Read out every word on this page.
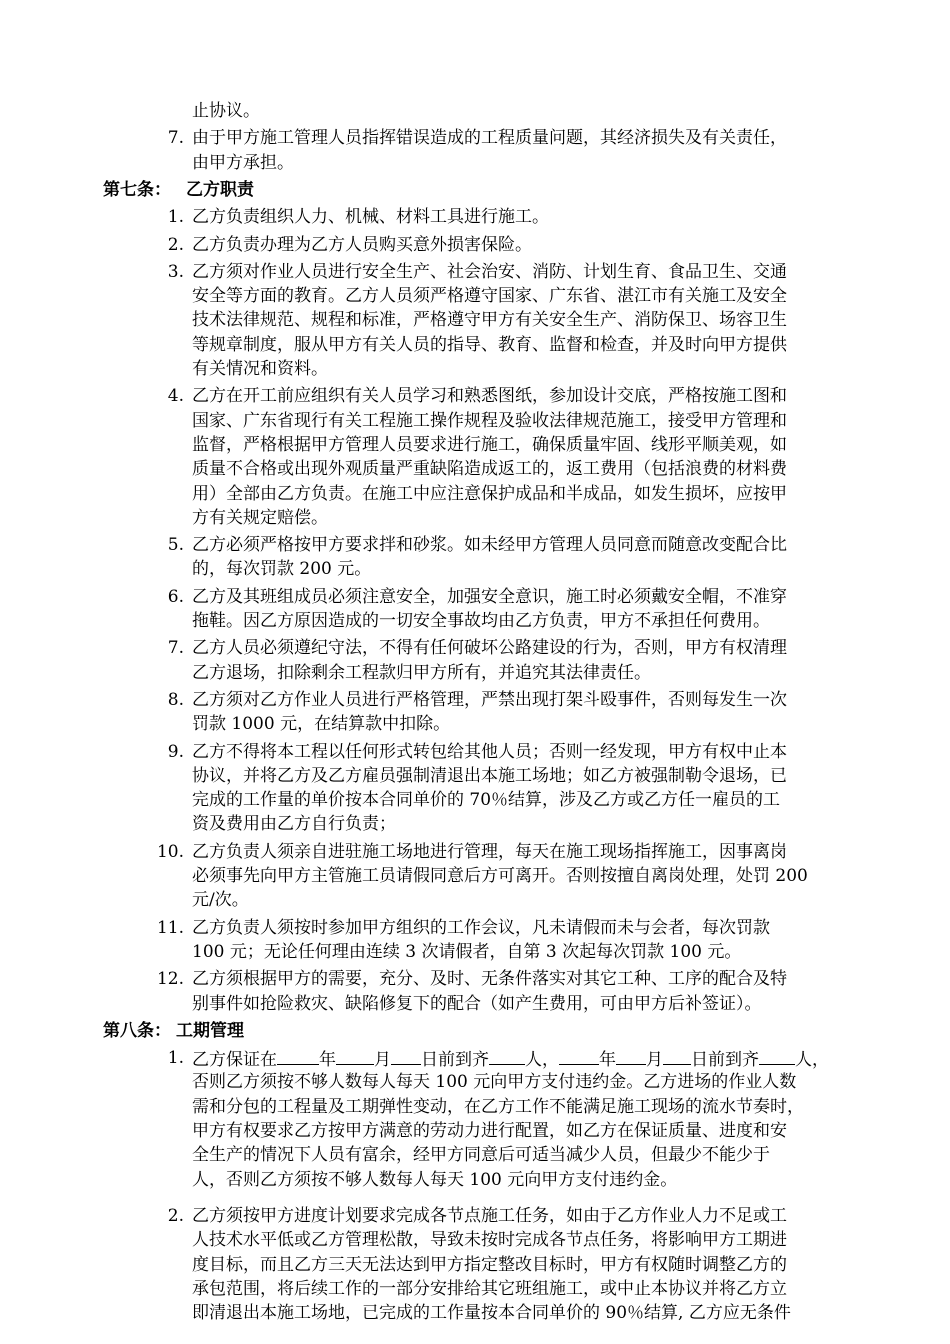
止协议。
7. 由于甲方施工管理人员指挥错误造成的工程质量问题，其经济损失及有关责任，
由甲方承担。
第七条： 乙方职责
1. 乙方负责组织人力、机械、材料工具进行施工。
2. 乙方负责办理为乙方人员购买意外损害保险。
3. 乙方须对作业人员进行安全生产、社会治安、消防、计划生育、食品卫生、交通
安全等方面的教育。乙方人员须严格遵守国家、广东省、湛江市有关施工及安全
技术法律规范、规程和标准，严格遵守甲方有关安全生产、消防保卫、场容卫生
等规章制度，服从甲方有关人员的指导、教育、监督和检查，并及时向甲方提供
有关情况和资料。
4. 乙方在开工前应组织有关人员学习和熟悉图纸，参加设计交底，严格按施工图和
国家、广东省现行有关工程施工操作规程及验收法律规范施工，接受甲方管理和
监督，严格根据甲方管理人员要求进行施工，确保质量牢固、线形平顺美观，如
质量不合格或出现外观质量严重缺陷造成返工的，返工费用（包括浪费的材料费
用）全部由乙方负责。在施工中应注意保护成品和半成品，如发生损坏，应按甲
方有关规定赔偿。
5. 乙方必须严格按甲方要求拌和砂浆。如未经甲方管理人员同意而随意改变配合比
的，每次罚款 200 元。
6. 乙方及其班组成员必须注意安全，加强安全意识，施工时必须戴安全帽，不准穿
拖鞋。因乙方原因造成的一切安全事故均由乙方负责，甲方不承担任何费用。
7. 乙方人员必须遵纪守法，不得有任何破坏公路建设的行为，否则，甲方有权清理
乙方退场，扣除剩余工程款归甲方所有，并追究其法律责任。
8. 乙方须对乙方作业人员进行严格管理，严禁出现打架斗殴事件，否则每发生一次
罚款 1000 元，在结算款中扣除。
9. 乙方不得将本工程以任何形式转包给其他人员；否则一经发现，甲方有权中止本
协议，并将乙方及乙方雇员强制清退出本施工场地；如乙方被强制勒令退场，已
完成的工作量的单价按本合同单价的 70％结算，涉及乙方或乙方任一雇员的工
资及费用由乙方自行负责；
10. 乙方负责人须亲自进驻施工场地进行管理，每天在施工现场指挥施工，因事离岗
必须事先向甲方主管施工员请假同意后方可离开。否则按擅自离岗处理，处罚 200
元/次。
11. 乙方负责人须按时参加甲方组织的工作会议，凡未请假而未与会者，每次罚款
100 元；无论任何理由连续 3 次请假者，自第 3 次起每次罚款 100 元。
12. 乙方须根据甲方的需要，充分、及时、无条件落实对其它工种、工序的配合及特
别事件如抢险救灾、缺陷修复下的配合（如产生费用，可由甲方后补签证）。
第八条： 工期管理
1. 乙方保证在 年 月 日前到齐 人， 年 月 日前到齐 人，
否则乙方须按不够人数每人每天 100 元向甲方支付违约金。乙方进场的作业人数
需和分包的工程量及工期弹性变动，在乙方工作不能满足施工现场的流水节奏时，
甲方有权要求乙方按甲方满意的劳动力进行配置，如乙方在保证质量、进度和安
全生产的情况下人员有富余，经甲方同意后可适当减少人员，但最少不能少于
人，否则乙方须按不够人数每人每天 100 元向甲方支付违约金。
2. 乙方须按甲方进度计划要求完成各节点施工任务，如由于乙方作业人力不足或工
人技术水平低或乙方管理松散，导致未按时完成各节点任务，将影响甲方工期进
度目标，而且乙方三天无法达到甲方指定整改目标时，甲方有权随时调整乙方的
承包范围，将后续工作的一部分安排给其它班组施工，或中止本协议并将乙方立
即清退出本施工场地，已完成的工作量按本合同单价的 90％结算, 乙方应无条件
